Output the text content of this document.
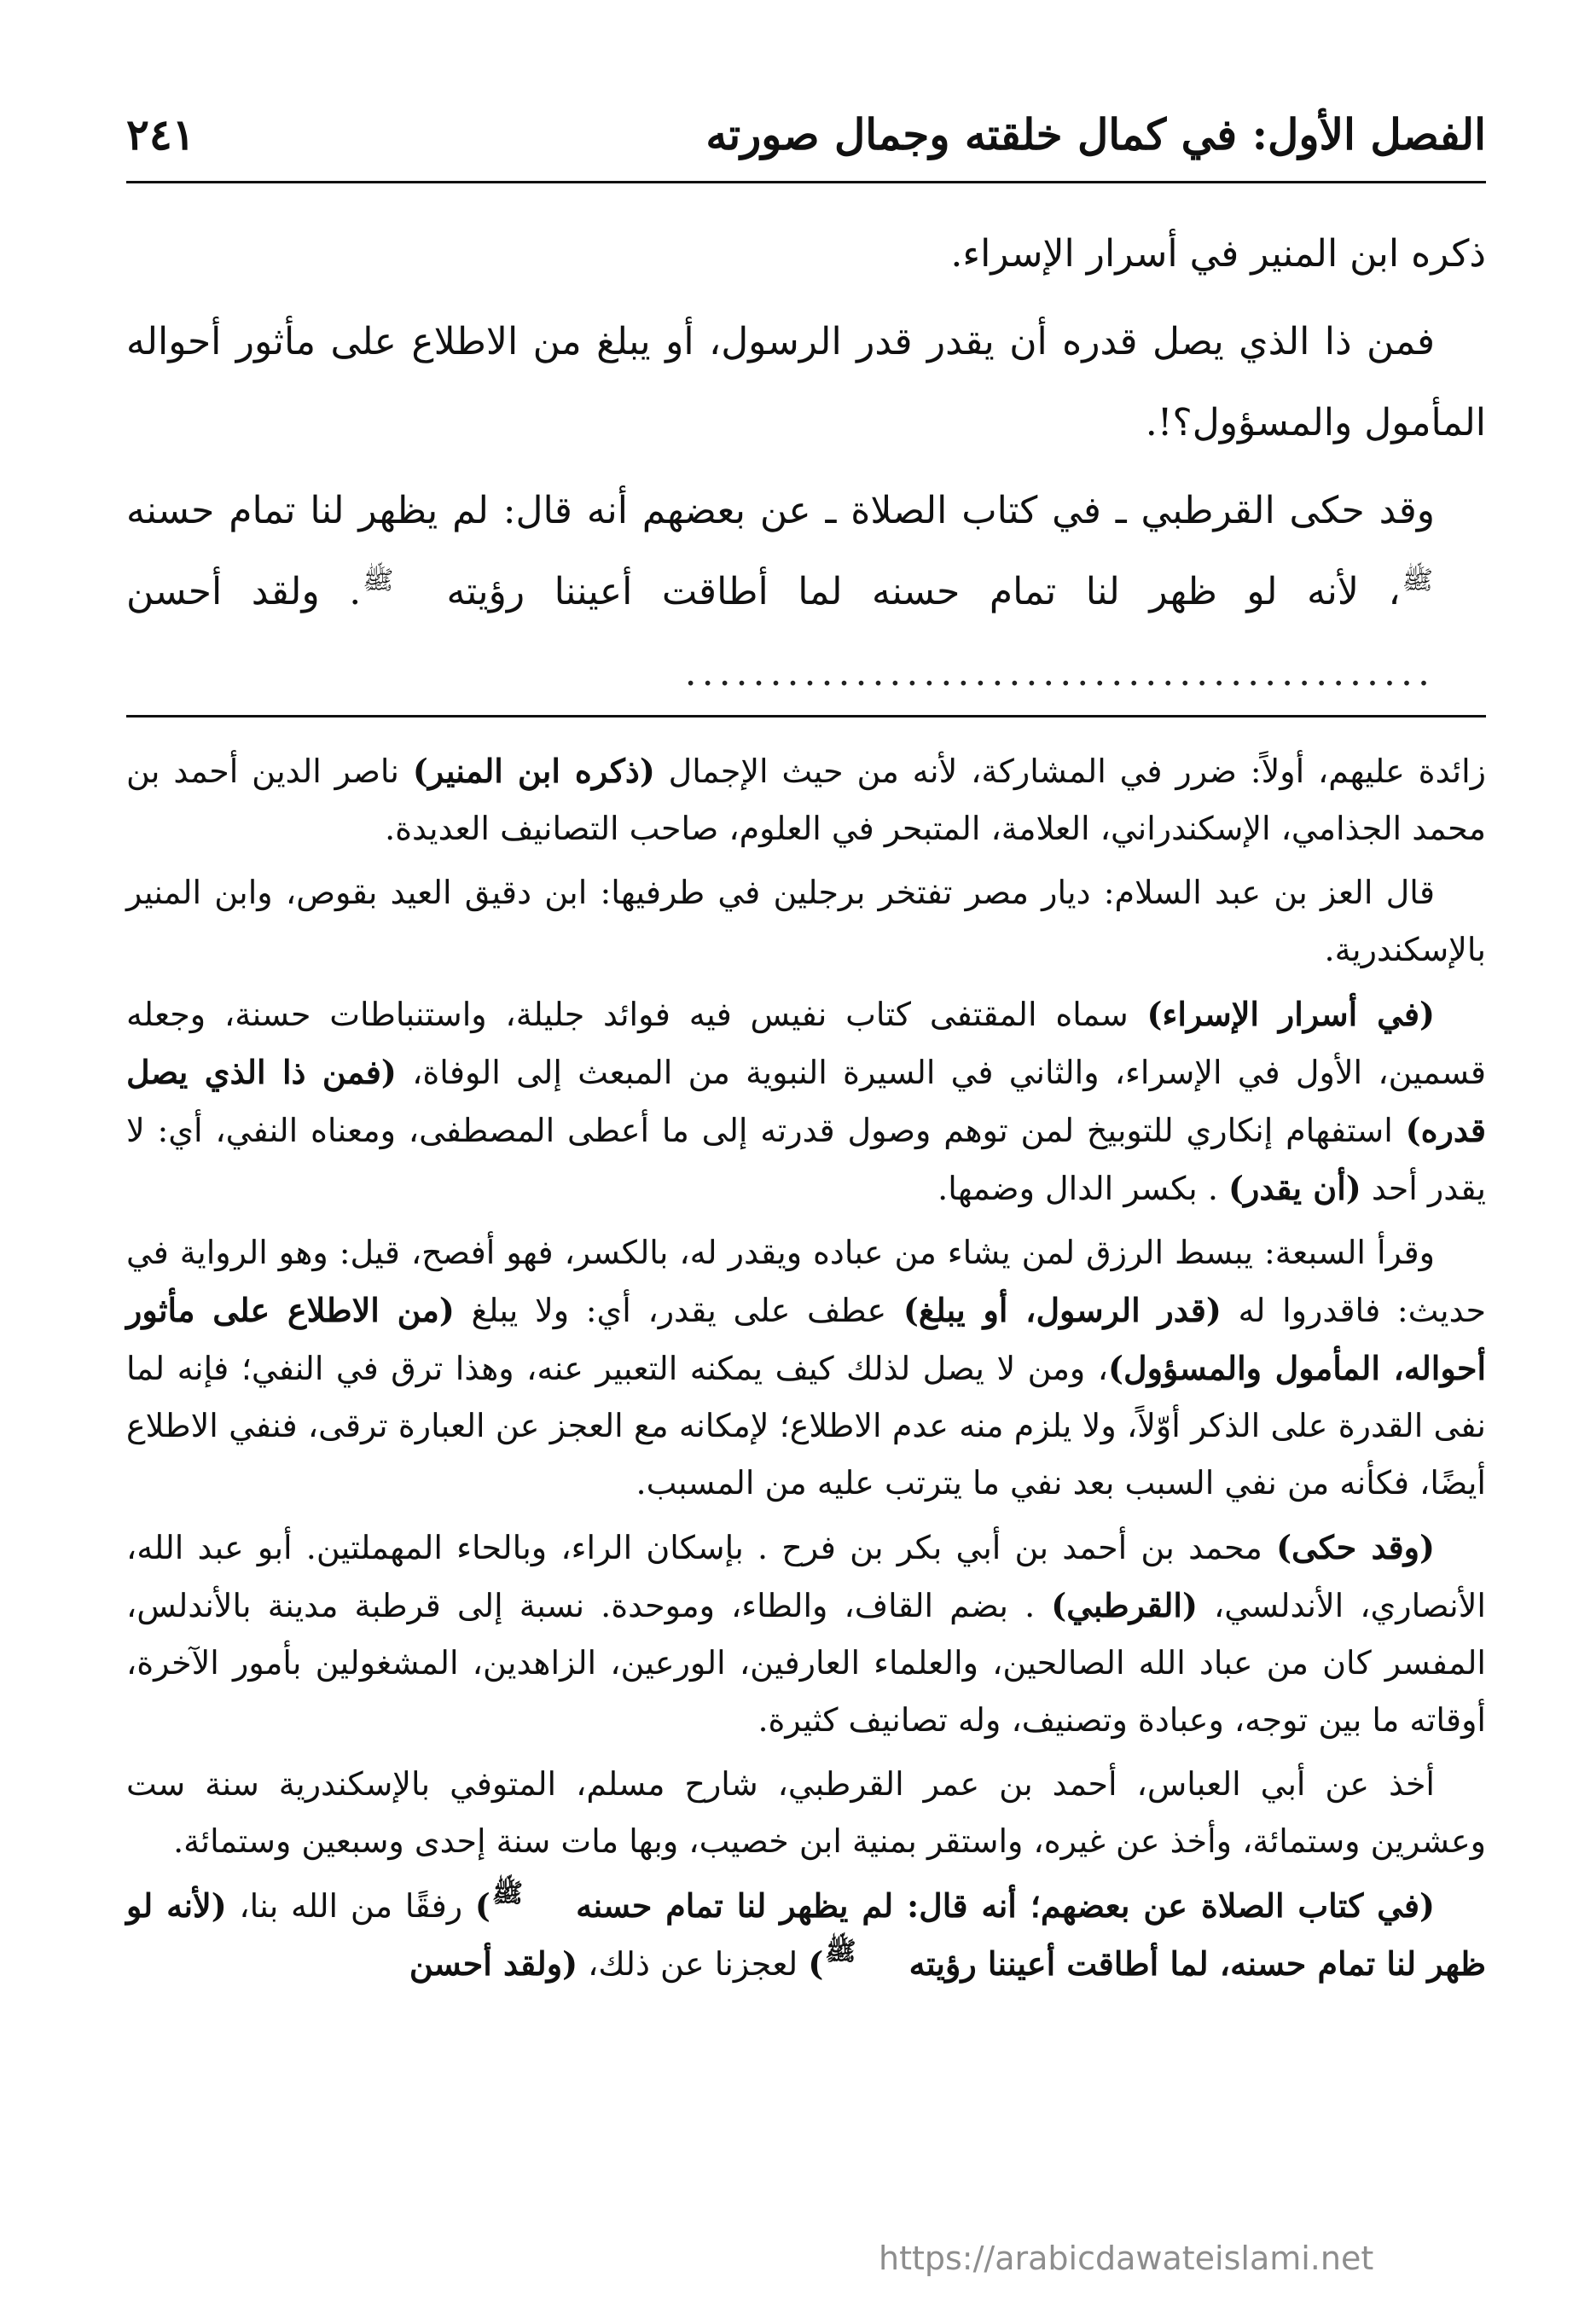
الفصل الأول: في كمال خلقته وجمال صورته
٢٤١

ذكره ابن المنير في أسرار الإسراء.

فمن ذا الذي يصل قدره أن يقدر قدر الرسول، أو يبلغ من الاطلاع على مأثور أحواله المأمول والمسؤول؟!.

وقد حكى القرطبي ـ في كتاب الصلاة ـ عن بعضهم أنه قال: لم يظهر لنا تمام حسنهﷺ، لأنه لو ظهر لنا تمام حسنه لما أطاقت أعيننا رؤيتهﷺ. ولقد أحسن ............................................

زائدة عليهم، أولاً: ضرر في المشاركة، لأنه من حيث الإجمال (ذكره ابن المنير) ناصر الدين أحمد بن محمد الجذامي، الإسكندراني، العلامة، المتبحر في العلوم، صاحب التصانيف العديدة.

قال العز بن عبد السلام: ديار مصر تفتخر برجلين في طرفيها: ابن دقيق العيد بقوص، وابن المنير بالإسكندرية.

(في أسرار الإسراء) سماه المقتفى كتاب نفيس فيه فوائد جليلة، واستنباطات حسنة، وجعله قسمين، الأول في الإسراء، والثاني في السيرة النبوية من المبعث إلى الوفاة، (فمن ذا الذي يصل قدره) استفهام إنكاري للتوبيخ لمن توهم وصول قدرته إلى ما أعطى المصطفى، ومعناه النفي، أي: لا يقدر أحد (أن يقدر) . بكسر الدال وضمها.

وقرأ السبعة: يبسط الرزق لمن يشاء من عباده ويقدر له، بالكسر، فهو أفصح، قيل: وهو الرواية في حديث: فاقدروا له (قدر الرسول، أو يبلغ) عطف على يقدر، أي: ولا يبلغ (من الاطلاع على مأثور أحواله، المأمول والمسؤول)، ومن لا يصل لذلك كيف يمكنه التعبير عنه، وهذا ترق في النفي؛ فإنه لما نفى القدرة على الذكر أوّلاً، ولا يلزم منه عدم الاطلاع؛ لإمكانه مع العجز عن العبارة ترقى، فنفي الاطلاع أيضًا، فكأنه من نفي السبب بعد نفي ما يترتب عليه من المسبب.

(وقد حكى) محمد بن أحمد بن أبي بكر بن فرح . بإسكان الراء، وبالحاء المهملتين. أبو عبد الله، الأنصاري، الأندلسي، (القرطبي) . بضم القاف، والطاء، وموحدة. نسبة إلى قرطبة مدينة بالأندلس، المفسر كان من عباد الله الصالحين، والعلماء العارفين، الورعين، الزاهدين، المشغولين بأمور الآخرة، أوقاته ما بين توجه، وعبادة وتصنيف، وله تصانيف كثيرة.

أخذ عن أبي العباس، أحمد بن عمر القرطبي، شارح مسلم، المتوفي بالإسكندرية سنة ست وعشرين وستمائة، وأخذ عن غيره، واستقر بمنية ابن خصيب، وبها مات سنة إحدى وسبعين وستمائة.

(في كتاب الصلاة عن بعضهم؛ أنه قال: لم يظهر لنا تمام حسنهﷺ) رفقًا من الله بنا، (لأنه لو ظهر لنا تمام حسنه، لما أطاقت أعيننا رؤيتهﷺ) لعجزنا عن ذلك، (ولقد أحسن

https://arabicdawateislami.net
